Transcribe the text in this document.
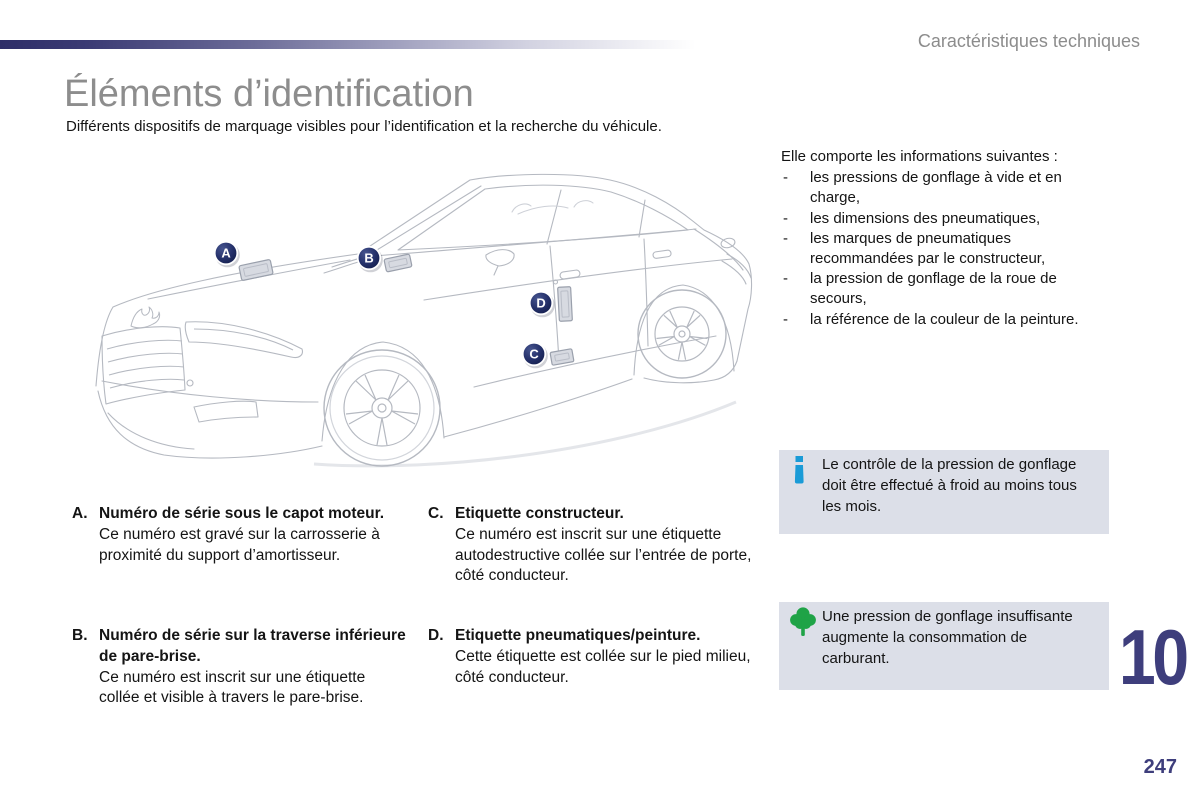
Caractéristiques techniques
Éléments d’identification
Différents dispositifs de marquage visibles pour l’identification et la recherche du véhicule.
A	B
C
D

Elle comporte les informations suivantes :

- les pressions de gonflage à vide et en charge,
- les dimensions des pneumatiques,
- les marques de pneumatiques recommandées par le constructeur,
- la pression de gonflage de la roue de secours,
- la référence de la couleur de la peinture.
A. Numéro de série sous le capot moteur.
Ce numéro est gravé sur la carrosserie à proximité du support d’amortisseur.
B. Numéro de série sur la traverse inférieure de pare-brise.
Ce numéro est inscrit sur une étiquette collée et visible à travers le pare-brise.
C. Etiquette constructeur.
Ce numéro est inscrit sur une étiquette autodestructive collée sur l’entrée de porte, côté conducteur.
D. Etiquette pneumatiques/peinture.
Cette étiquette est collée sur le pied milieu, côté conducteur.
Le contrôle de la pression de gonflage doit être effectué à froid au moins tous les mois.
Une pression de gonflage insuffisante augmente la consommation de carburant.	10
247
